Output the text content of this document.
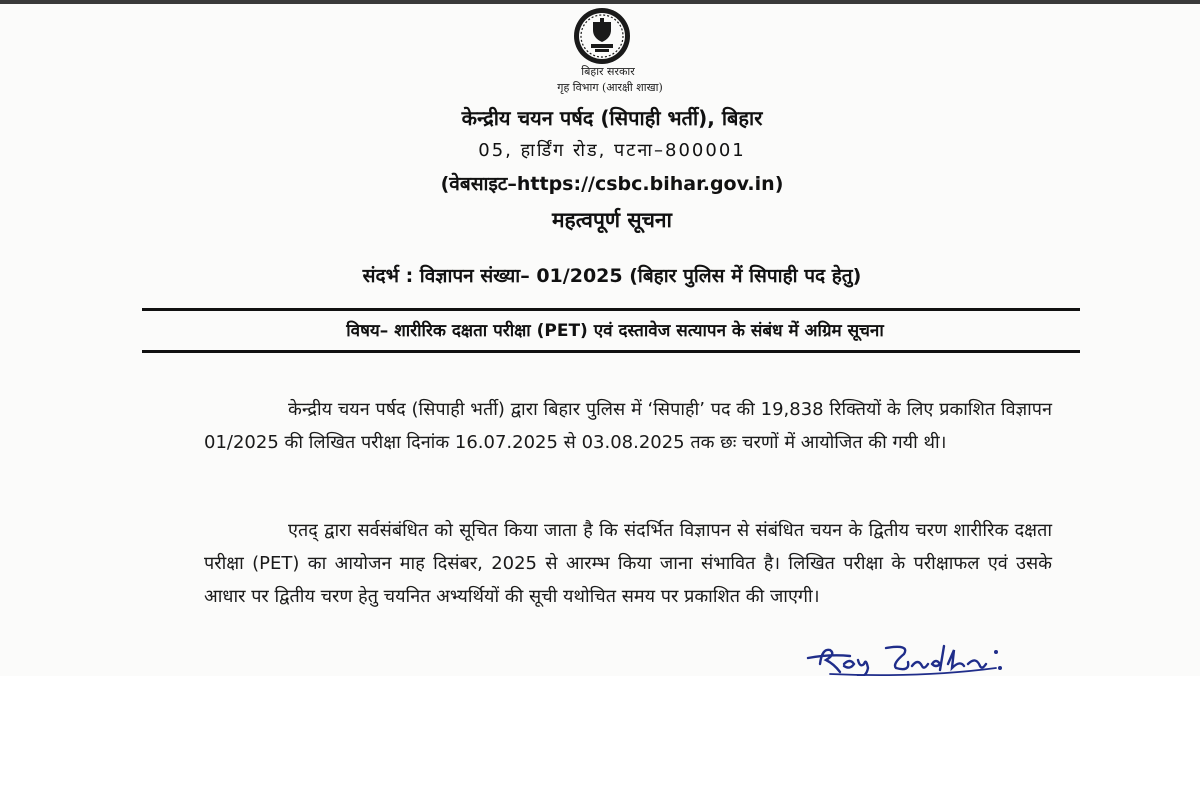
बिहार सरकार
गृह विभाग (आरक्षी शाखा)
केन्द्रीय चयन पर्षद (सिपाही भर्ती), बिहार
05, हार्डिंग रोड, पटना–800001
(वेबसाइट–https://csbc.bihar.gov.in)
महत्वपूर्ण सूचना
संदर्भ : विज्ञापन संख्या– 01/2025 (बिहार पुलिस में सिपाही पद हेतु)
विषय– शारीरिक दक्षता परीक्षा (PET) एवं दस्तावेज सत्यापन के संबंध में अग्रिम सूचना
केन्द्रीय चयन पर्षद (सिपाही भर्ती) द्वारा बिहार पुलिस में ‘सिपाही’ पद की 19,838 रिक्तियों के लिए प्रकाशित विज्ञापन 01/2025 की लिखित परीक्षा दिनांक 16.07.2025 से 03.08.2025 तक छः चरणों में आयोजित की गयी थी।
एतद् द्वारा सर्वसंबंधित को सूचित किया जाता है कि संदर्भित विज्ञापन से संबंधित चयन के द्वितीय चरण शारीरिक दक्षता परीक्षा (PET) का आयोजन माह दिसंबर, 2025 से आरम्भ किया जाना संभावित है। लिखित परीक्षा के परीक्षाफल एवं उसके आधार पर द्वितीय चरण हेतु चयनित अभ्यर्थियों की सूची यथोचित समय पर प्रकाशित की जाएगी।
